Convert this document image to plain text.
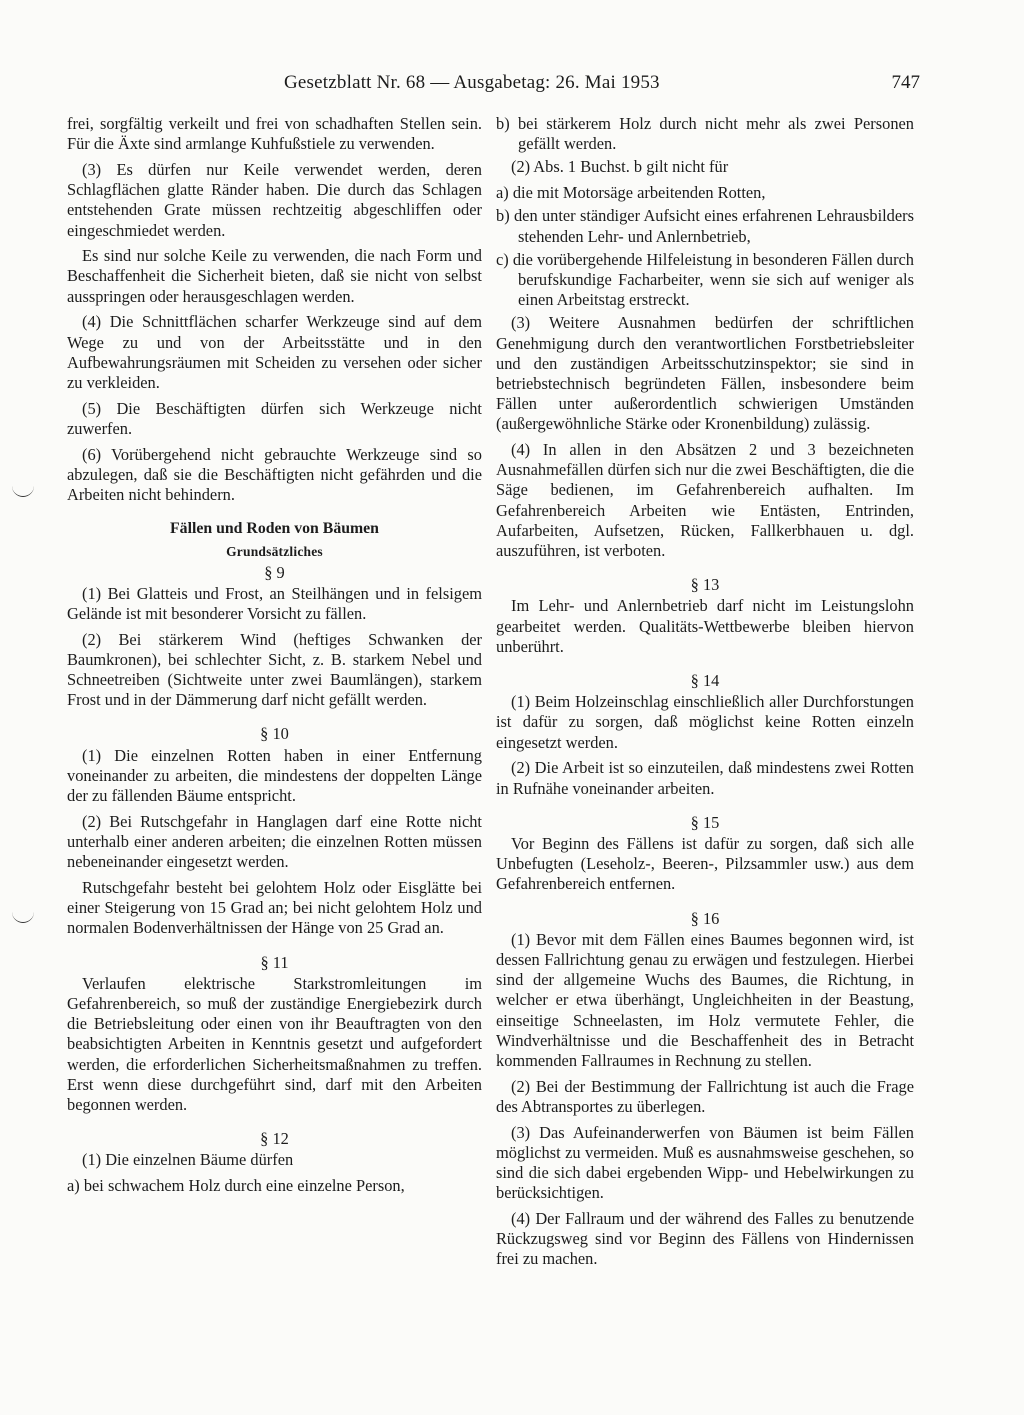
Gesetzblatt Nr. 68 — Ausgabetag: 26. Mai 1953	747

frei, sorgfältig verkeilt und frei von schadhaften Stellen sein. Für die Äxte sind armlange Kuhfußstiele zu verwenden.

(3) Es dürfen nur Keile verwendet werden, deren Schlagflächen glatte Ränder haben. Die durch das Schlagen entstehenden Grate müssen rechtzeitig abgeschliffen oder eingeschmiedet werden.

Es sind nur solche Keile zu verwenden, die nach Form und Beschaffenheit die Sicherheit bieten, daß sie nicht von selbst ausspringen oder herausgeschlagen werden.

(4) Die Schnittflächen scharfer Werkzeuge sind auf dem Wege zu und von der Arbeitsstätte und in den Aufbewahrungsräumen mit Scheiden zu versehen oder sicher zu verkleiden.

(5) Die Beschäftigten dürfen sich Werkzeuge nicht zuwerfen.

(6) Vorübergehend nicht gebrauchte Werkzeuge sind so abzulegen, daß sie die Beschäftigten nicht gefährden und die Arbeiten nicht behindern.

Fällen und Roden von Bäumen

Grundsätzliches

§ 9

(1) Bei Glatteis und Frost, an Steilhängen und in felsigem Gelände ist mit besonderer Vorsicht zu fällen.

(2) Bei stärkerem Wind (heftiges Schwanken der Baumkronen), bei schlechter Sicht, z. B. starkem Nebel und Schneetreiben (Sichtweite unter zwei Baumlängen), starkem Frost und in der Dämmerung darf nicht gefällt werden.

§ 10

(1) Die einzelnen Rotten haben in einer Entfernung voneinander zu arbeiten, die mindestens der doppelten Länge der zu fällenden Bäume entspricht.

(2) Bei Rutschgefahr in Hanglagen darf eine Rotte nicht unterhalb einer anderen arbeiten; die einzelnen Rotten müssen nebeneinander eingesetzt werden.

Rutschgefahr besteht bei gelohtem Holz oder Eisglätte bei einer Steigerung von 15 Grad an; bei nicht gelohtem Holz und normalen Bodenverhältnissen der Hänge von 25 Grad an.

§ 11

Verlaufen elektrische Starkstromleitungen im Gefahrenbereich, so muß der zuständige Energiebezirk durch die Betriebsleitung oder einen von ihr Beauftragten von den beabsichtigten Arbeiten in Kenntnis gesetzt und aufgefordert werden, die erforderlichen Sicherheitsmaßnahmen zu treffen. Erst wenn diese durchgeführt sind, darf mit den Arbeiten begonnen werden.

§ 12

(1) Die einzelnen Bäume dürfen

a) bei schwachem Holz durch eine einzelne Person,

b) bei stärkerem Holz durch nicht mehr als zwei Personen gefällt werden.

(2) Abs. 1 Buchst. b gilt nicht für

a) die mit Motorsäge arbeitenden Rotten,

b) den unter ständiger Aufsicht eines erfahrenen Lehrausbilders stehenden Lehr- und Anlernbetrieb,

c) die vorübergehende Hilfeleistung in besonderen Fällen durch berufskundige Facharbeiter, wenn sie sich auf weniger als einen Arbeitstag erstreckt.

(3) Weitere Ausnahmen bedürfen der schriftlichen Genehmigung durch den verantwortlichen Forstbetriebsleiter und den zuständigen Arbeitsschutzinspektor; sie sind in betriebstechnisch begründeten Fällen, insbesondere beim Fällen unter außerordentlich schwierigen Umständen (außergewöhnliche Stärke oder Kronenbildung) zulässig.

(4) In allen in den Absätzen 2 und 3 bezeichneten Ausnahmefällen dürfen sich nur die zwei Beschäftigten, die die Säge bedienen, im Gefahrenbereich aufhalten. Im Gefahrenbereich Arbeiten wie Entästen, Entrinden, Aufarbeiten, Aufsetzen, Rücken, Fallkerbhauen u. dgl. auszuführen, ist verboten.

§ 13

Im Lehr- und Anlernbetrieb darf nicht im Leistungslohn gearbeitet werden. Qualitäts-Wettbewerbe bleiben hiervon unberührt.

§ 14

(1) Beim Holzeinschlag einschließlich aller Durchforstungen ist dafür zu sorgen, daß möglichst keine Rotten einzeln eingesetzt werden.

(2) Die Arbeit ist so einzuteilen, daß mindestens zwei Rotten in Rufnähe voneinander arbeiten.

§ 15

Vor Beginn des Fällens ist dafür zu sorgen, daß sich alle Unbefugten (Leseholz-, Beeren-, Pilzsammler usw.) aus dem Gefahrenbereich entfernen.

§ 16

(1) Bevor mit dem Fällen eines Baumes begonnen wird, ist dessen Fallrichtung genau zu erwägen und festzulegen. Hierbei sind der allgemeine Wuchs des Baumes, die Richtung, in welcher er etwa überhängt, Ungleichheiten in der Beastung, einseitige Schneelasten, im Holz vermutete Fehler, die Windverhältnisse und die Beschaffenheit des in Betracht kommenden Fallraumes in Rechnung zu stellen.

(2) Bei der Bestimmung der Fallrichtung ist auch die Frage des Abtransportes zu überlegen.

(3) Das Aufeinanderwerfen von Bäumen ist beim Fällen möglichst zu vermeiden. Muß es ausnahmsweise geschehen, so sind die sich dabei ergebenden Wipp- und Hebelwirkungen zu berücksichtigen.

(4) Der Fallraum und der während des Falles zu benutzende Rückzugsweg sind vor Beginn des Fällens von Hindernissen frei zu machen.
